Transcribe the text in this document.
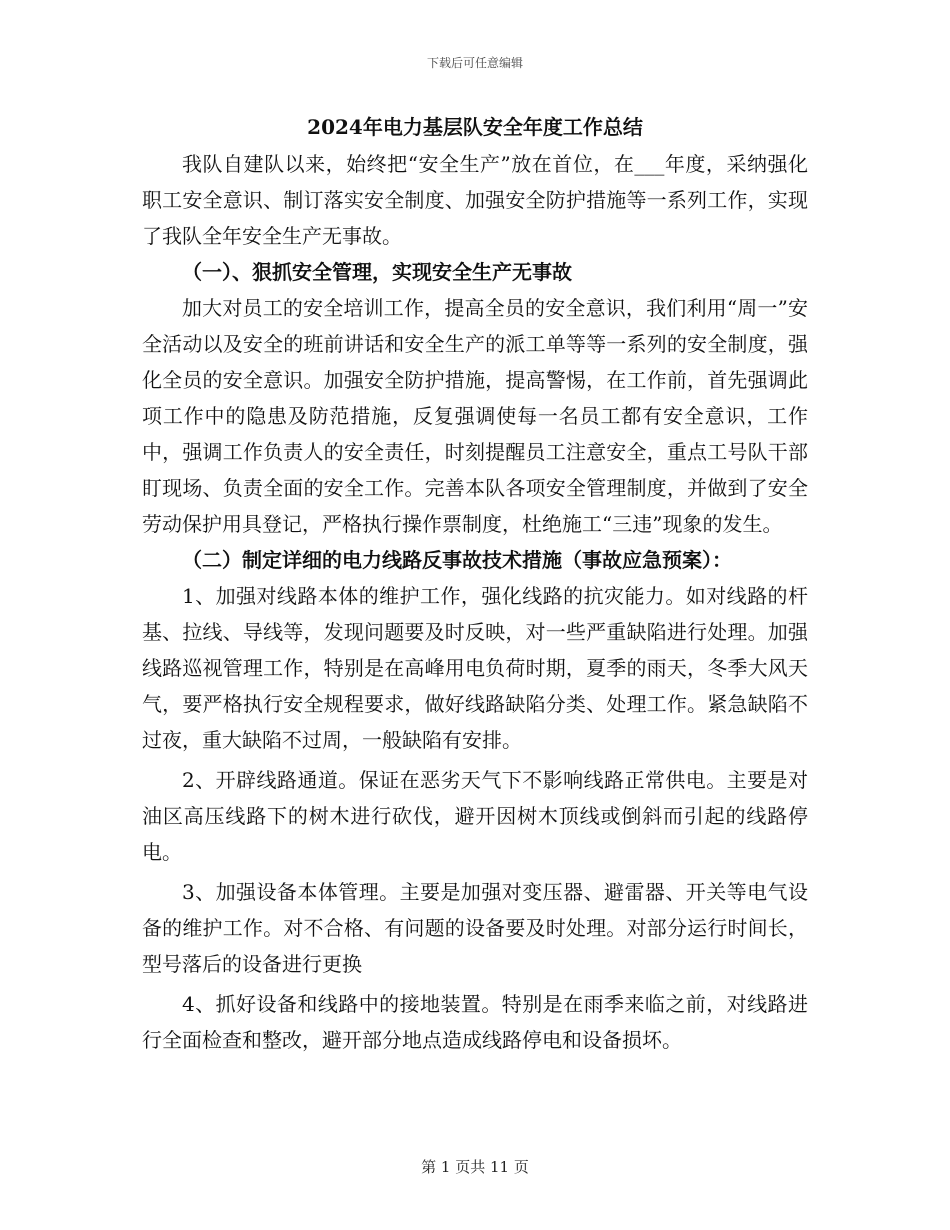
下载后可任意编辑
2024年电力基层队安全年度工作总结

我队自建队以来，始终把“安全生产”放在首位，在___年度，采纳强化职工安全意识、制订落实安全制度、加强安全防护措施等一系列工作，实现了我队全年安全生产无事故。

（一）、狠抓安全管理，实现安全生产无事故

加大对员工的安全培训工作，提高全员的安全意识，我们利用“周一”安全活动以及安全的班前讲话和安全生产的派工单等等一系列的安全制度，强化全员的安全意识。加强安全防护措施，提高警惕，在工作前，首先强调此项工作中的隐患及防范措施，反复强调使每一名员工都有安全意识，工作中，强调工作负责人的安全责任，时刻提醒员工注意安全，重点工号队干部盯现场、负责全面的安全工作。完善本队各项安全管理制度，并做到了安全劳动保护用具登记，严格执行操作票制度，杜绝施工“三违”现象的发生。

（二）制定详细的电力线路反事故技术措施（事故应急预案）：

1、加强对线路本体的维护工作，强化线路的抗灾能力。如对线路的杆基、拉线、导线等，发现问题要及时反映，对一些严重缺陷进行处理。加强线路巡视管理工作，特别是在高峰用电负荷时期，夏季的雨天，冬季大风天气，要严格执行安全规程要求，做好线路缺陷分类、处理工作。紧急缺陷不过夜，重大缺陷不过周，一般缺陷有安排。

2、开辟线路通道。保证在恶劣天气下不影响线路正常供电。主要是对油区高压线路下的树木进行砍伐，避开因树木顶线或倒斜而引起的线路停电。

3、加强设备本体管理。主要是加强对变压器、避雷器、开关等电气设备的维护工作。对不合格、有问题的设备要及时处理。对部分运行时间长，型号落后的设备进行更换

4、抓好设备和线路中的接地装置。特别是在雨季来临之前，对线路进行全面检查和整改，避开部分地点造成线路停电和设备损坏。

第 1 页共 11 页
